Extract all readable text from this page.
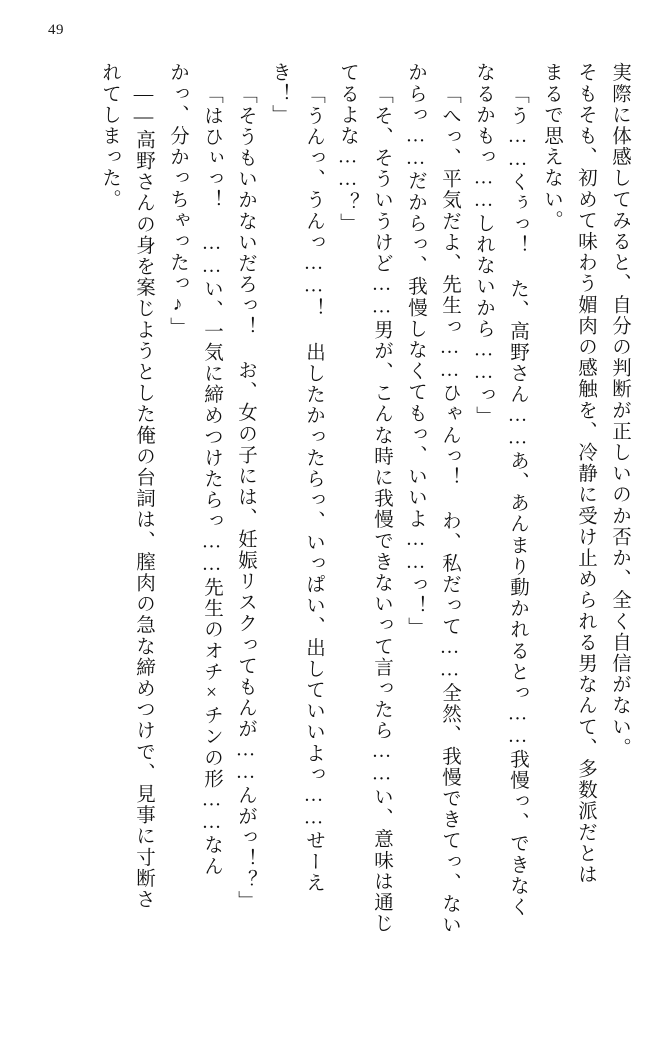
49
実際に体感してみると、自分の判断が正しいのか否か、全く自信がない。
そもそも、初めて味わう媚肉の感触を、冷静に受け止められる男なんて、多数派だとは
まるで思えない。
「う……くぅっ！ た、高野さん……あ、あんまり動かれるとっ……我慢っ、できなく
なるかもっ……しれないから……っ」
「へっ、平気だよ、先生っ……ひゃんっ！ わ、私だって……全然、我慢できてっ、ない
からっ……だからっ、我慢しなくてもっ、いいよ……っ！」
「そ、そういうけど……男が、こんな時に我慢できないって言ったら……い、意味は通じ
てるよな……？」
「うんっ、うんっ……！ 出したかったらっ、いっぱい、出していいよっ……せーえ
き！」
「そうもいかないだろっ！ お、女の子には、妊娠リスクってもんが……んがっ！？」
「はひぃっ！ ……い、一気に締めつけたらっ……先生のオチ×チンの形……なん
かっ、分かっちゃったっ♪」
――高野さんの身を案じようとした俺の台詞は、膣肉の急な締めつけで、見事に寸断さ
れてしまった。
